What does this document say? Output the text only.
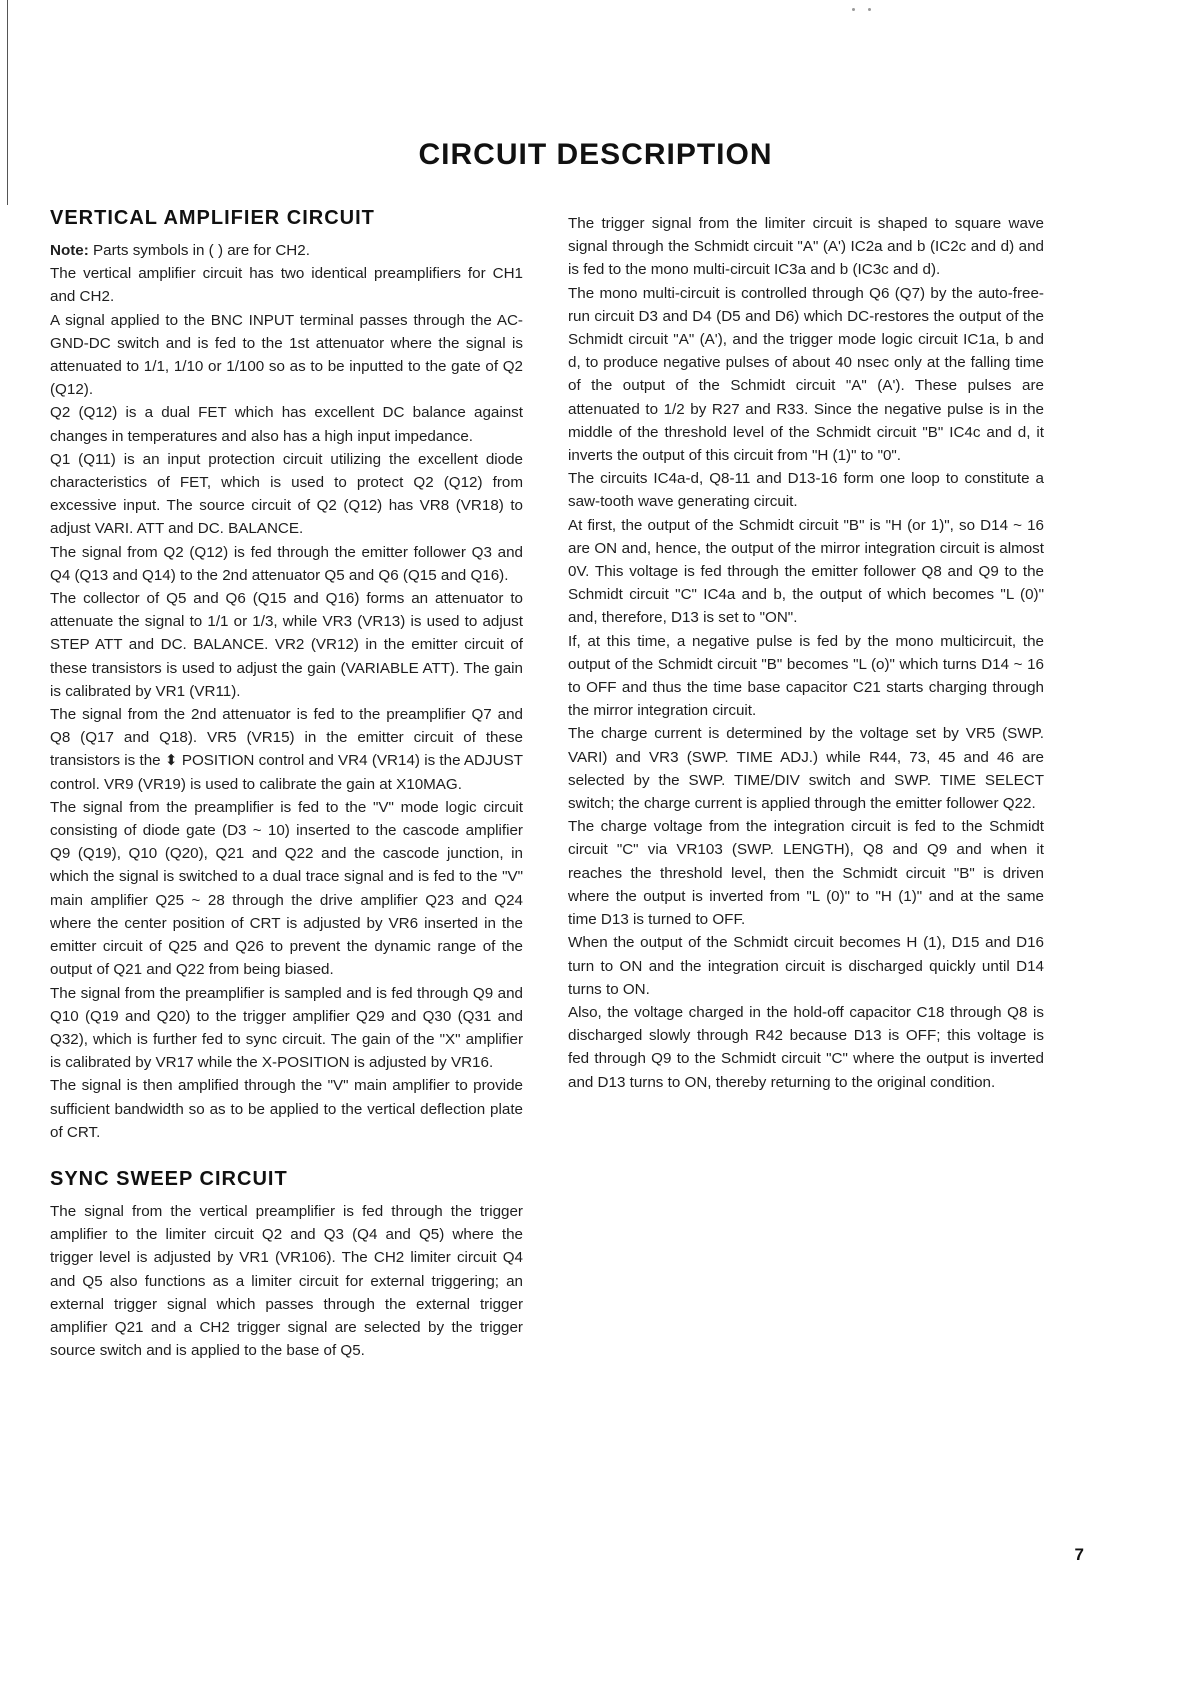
CIRCUIT DESCRIPTION
VERTICAL AMPLIFIER CIRCUIT

Note: Parts symbols in ( ) are for CH2.

The vertical amplifier circuit has two identical preamplifiers for CH1 and CH2.

A signal applied to the BNC INPUT terminal passes through the AC-GND-DC switch and is fed to the 1st attenuator where the signal is attenuated to 1/1, 1/10 or 1/100 so as to be inputted to the gate of Q2 (Q12).

Q2 (Q12) is a dual FET which has excellent DC balance against changes in temperatures and also has a high input impedance.

Q1 (Q11) is an input protection circuit utilizing the excellent diode characteristics of FET, which is used to protect Q2 (Q12) from excessive input. The source circuit of Q2 (Q12) has VR8 (VR18) to adjust VARI. ATT and DC. BALANCE.

The signal from Q2 (Q12) is fed through the emitter follower Q3 and Q4 (Q13 and Q14) to the 2nd attenuator Q5 and Q6 (Q15 and Q16).

The collector of Q5 and Q6 (Q15 and Q16) forms an attenuator to attenuate the signal to 1/1 or 1/3, while VR3 (VR13) is used to adjust STEP ATT and DC. BALANCE. VR2 (VR12) in the emitter circuit of these transistors is used to adjust the gain (VARIABLE ATT). The gain is calibrated by VR1 (VR11).

The signal from the 2nd attenuator is fed to the preamplifier Q7 and Q8 (Q17 and Q18). VR5 (VR15) in the emitter circuit of these transistors is the ⬍ POSITION control and VR4 (VR14) is the ADJUST control. VR9 (VR19) is used to calibrate the gain at X10MAG.

The signal from the preamplifier is fed to the "V" mode logic circuit consisting of diode gate (D3 ~ 10) inserted to the cascode amplifier Q9 (Q19), Q10 (Q20), Q21 and Q22 and the cascode junction, in which the signal is switched to a dual trace signal and is fed to the "V" main amplifier Q25 ~ 28 through the drive amplifier Q23 and Q24 where the center position of CRT is adjusted by VR6 inserted in the emitter circuit of Q25 and Q26 to prevent the dynamic range of the output of Q21 and Q22 from being biased.

The signal from the preamplifier is sampled and is fed through Q9 and Q10 (Q19 and Q20) to the trigger amplifier Q29 and Q30 (Q31 and Q32), which is further fed to sync circuit. The gain of the "X" amplifier is calibrated by VR17 while the X-POSITION is adjusted by VR16.

The signal is then amplified through the "V" main amplifier to provide sufficient bandwidth so as to be applied to the vertical deflection plate of CRT.

SYNC SWEEP CIRCUIT

The signal from the vertical preamplifier is fed through the trigger amplifier to the limiter circuit Q2 and Q3 (Q4 and Q5) where the trigger level is adjusted by VR1 (VR106). The CH2 limiter circuit Q4 and Q5 also functions as a limiter circuit for external triggering; an external trigger signal which passes through the external trigger amplifier Q21 and a CH2 trigger signal are selected by the trigger source switch and is applied to the base of Q5.

The trigger signal from the limiter circuit is shaped to square wave signal through the Schmidt circuit "A" (A') IC2a and b (IC2c and d) and is fed to the mono multi-circuit IC3a and b (IC3c and d).

The mono multi-circuit is controlled through Q6 (Q7) by the auto-free-run circuit D3 and D4 (D5 and D6) which DC-restores the output of the Schmidt circuit "A" (A'), and the trigger mode logic circuit IC1a, b and d, to produce negative pulses of about 40 nsec only at the falling time of the output of the Schmidt circuit "A" (A'). These pulses are attenuated to 1/2 by R27 and R33. Since the negative pulse is in the middle of the threshold level of the Schmidt circuit "B" IC4c and d, it inverts the output of this circuit from "H (1)" to "0".

The circuits IC4a-d, Q8-11 and D13-16 form one loop to constitute a saw-tooth wave generating circuit.

At first, the output of the Schmidt circuit "B" is "H (or 1)", so D14 ~ 16 are ON and, hence, the output of the mirror integration circuit is almost 0V. This voltage is fed through the emitter follower Q8 and Q9 to the Schmidt circuit "C" IC4a and b, the output of which becomes "L (0)" and, therefore, D13 is set to "ON".

If, at this time, a negative pulse is fed by the mono multicircuit, the output of the Schmidt circuit "B" becomes "L (o)" which turns D14 ~ 16 to OFF and thus the time base capacitor C21 starts charging through the mirror integration circuit.

The charge current is determined by the voltage set by VR5 (SWP. VARI) and VR3 (SWP. TIME ADJ.) while R44, 73, 45 and 46 are selected by the SWP. TIME/DIV switch and SWP. TIME SELECT switch; the charge current is applied through the emitter follower Q22.

The charge voltage from the integration circuit is fed to the Schmidt circuit "C" via VR103 (SWP. LENGTH), Q8 and Q9 and when it reaches the threshold level, then the Schmidt circuit "B" is driven where the output is inverted from "L (0)" to "H (1)" and at the same time D13 is turned to OFF.

When the output of the Schmidt circuit becomes H (1), D15 and D16 turn to ON and the integration circuit is discharged quickly until D14 turns to ON.

Also, the voltage charged in the hold-off capacitor C18 through Q8 is discharged slowly through R42 because D13 is OFF; this voltage is fed through Q9 to the Schmidt circuit "C" where the output is inverted and D13 turns to ON, thereby returning to the original condition.

7
